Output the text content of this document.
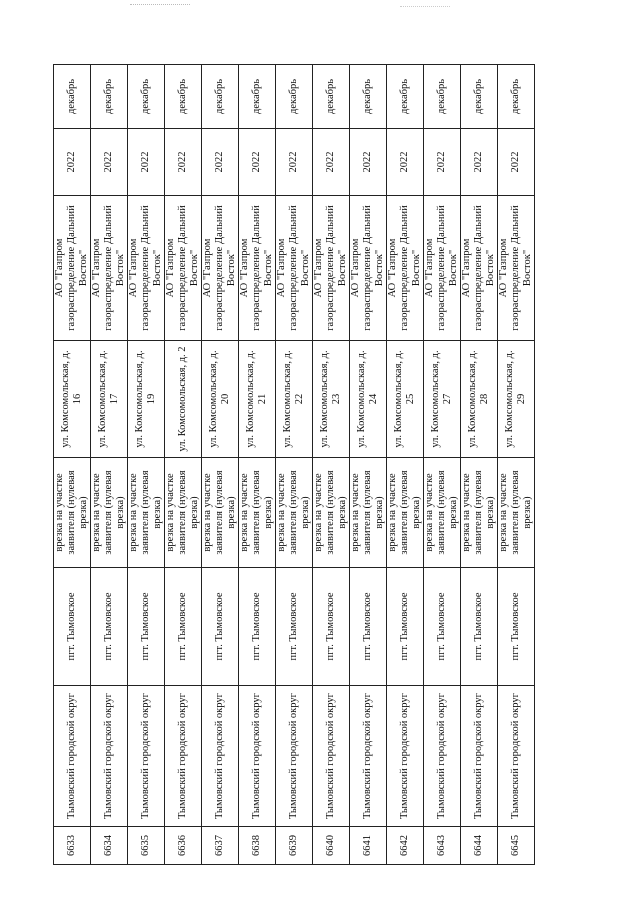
6633	Тымовский городской округ	пгт. Тымовское	врезка на участке заявителя (нулевая врезка)	ул. Комсомольская, д. 16	АО "Газпром газораспределение Дальний Восток"	2022	декабрь
6634	Тымовский городской округ	пгт. Тымовское	врезка на участке заявителя (нулевая врезка)	ул. Комсомольская, д. 17	АО "Газпром газораспределение Дальний Восток"	2022	декабрь
6635	Тымовский городской округ	пгт. Тымовское	врезка на участке заявителя (нулевая врезка)	ул. Комсомольская, д. 19	АО "Газпром газораспределение Дальний Восток"	2022	декабрь
6636	Тымовский городской округ	пгт. Тымовское	врезка на участке заявителя (нулевая врезка)	ул. Комсомольская, д. 2	АО "Газпром газораспределение Дальний Восток"	2022	декабрь
6637	Тымовский городской округ	пгт. Тымовское	врезка на участке заявителя (нулевая врезка)	ул. Комсомольская, д. 20	АО "Газпром газораспределение Дальний Восток"	2022	декабрь
6638	Тымовский городской округ	пгт. Тымовское	врезка на участке заявителя (нулевая врезка)	ул. Комсомольская, д. 21	АО "Газпром газораспределение Дальний Восток"	2022	декабрь
6639	Тымовский городской округ	пгт. Тымовское	врезка на участке заявителя (нулевая врезка)	ул. Комсомольская, д. 22	АО "Газпром газораспределение Дальний Восток"	2022	декабрь
6640	Тымовский городской округ	пгт. Тымовское	врезка на участке заявителя (нулевая врезка)	ул. Комсомольская, д. 23	АО "Газпром газораспределение Дальний Восток"	2022	декабрь
6641	Тымовский городской округ	пгт. Тымовское	врезка на участке заявителя (нулевая врезка)	ул. Комсомольская, д. 24	АО "Газпром газораспределение Дальний Восток"	2022	декабрь
6642	Тымовский городской округ	пгт. Тымовское	врезка на участке заявителя (нулевая врезка)	ул. Комсомольская, д. 25	АО "Газпром газораспределение Дальний Восток"	2022	декабрь
6643	Тымовский городской округ	пгт. Тымовское	врезка на участке заявителя (нулевая врезка)	ул. Комсомольская, д. 27	АО "Газпром газораспределение Дальний Восток"	2022	декабрь
6644	Тымовский городской округ	пгт. Тымовское	врезка на участке заявителя (нулевая врезка)	ул. Комсомольская, д. 28	АО "Газпром газораспределение Дальний Восток"	2022	декабрь
6645	Тымовский городской округ	пгт. Тымовское	врезка на участке заявителя (нулевая врезка)	ул. Комсомольская, д. 29	АО "Газпром газораспределение Дальний Восток"	2022	декабрь
